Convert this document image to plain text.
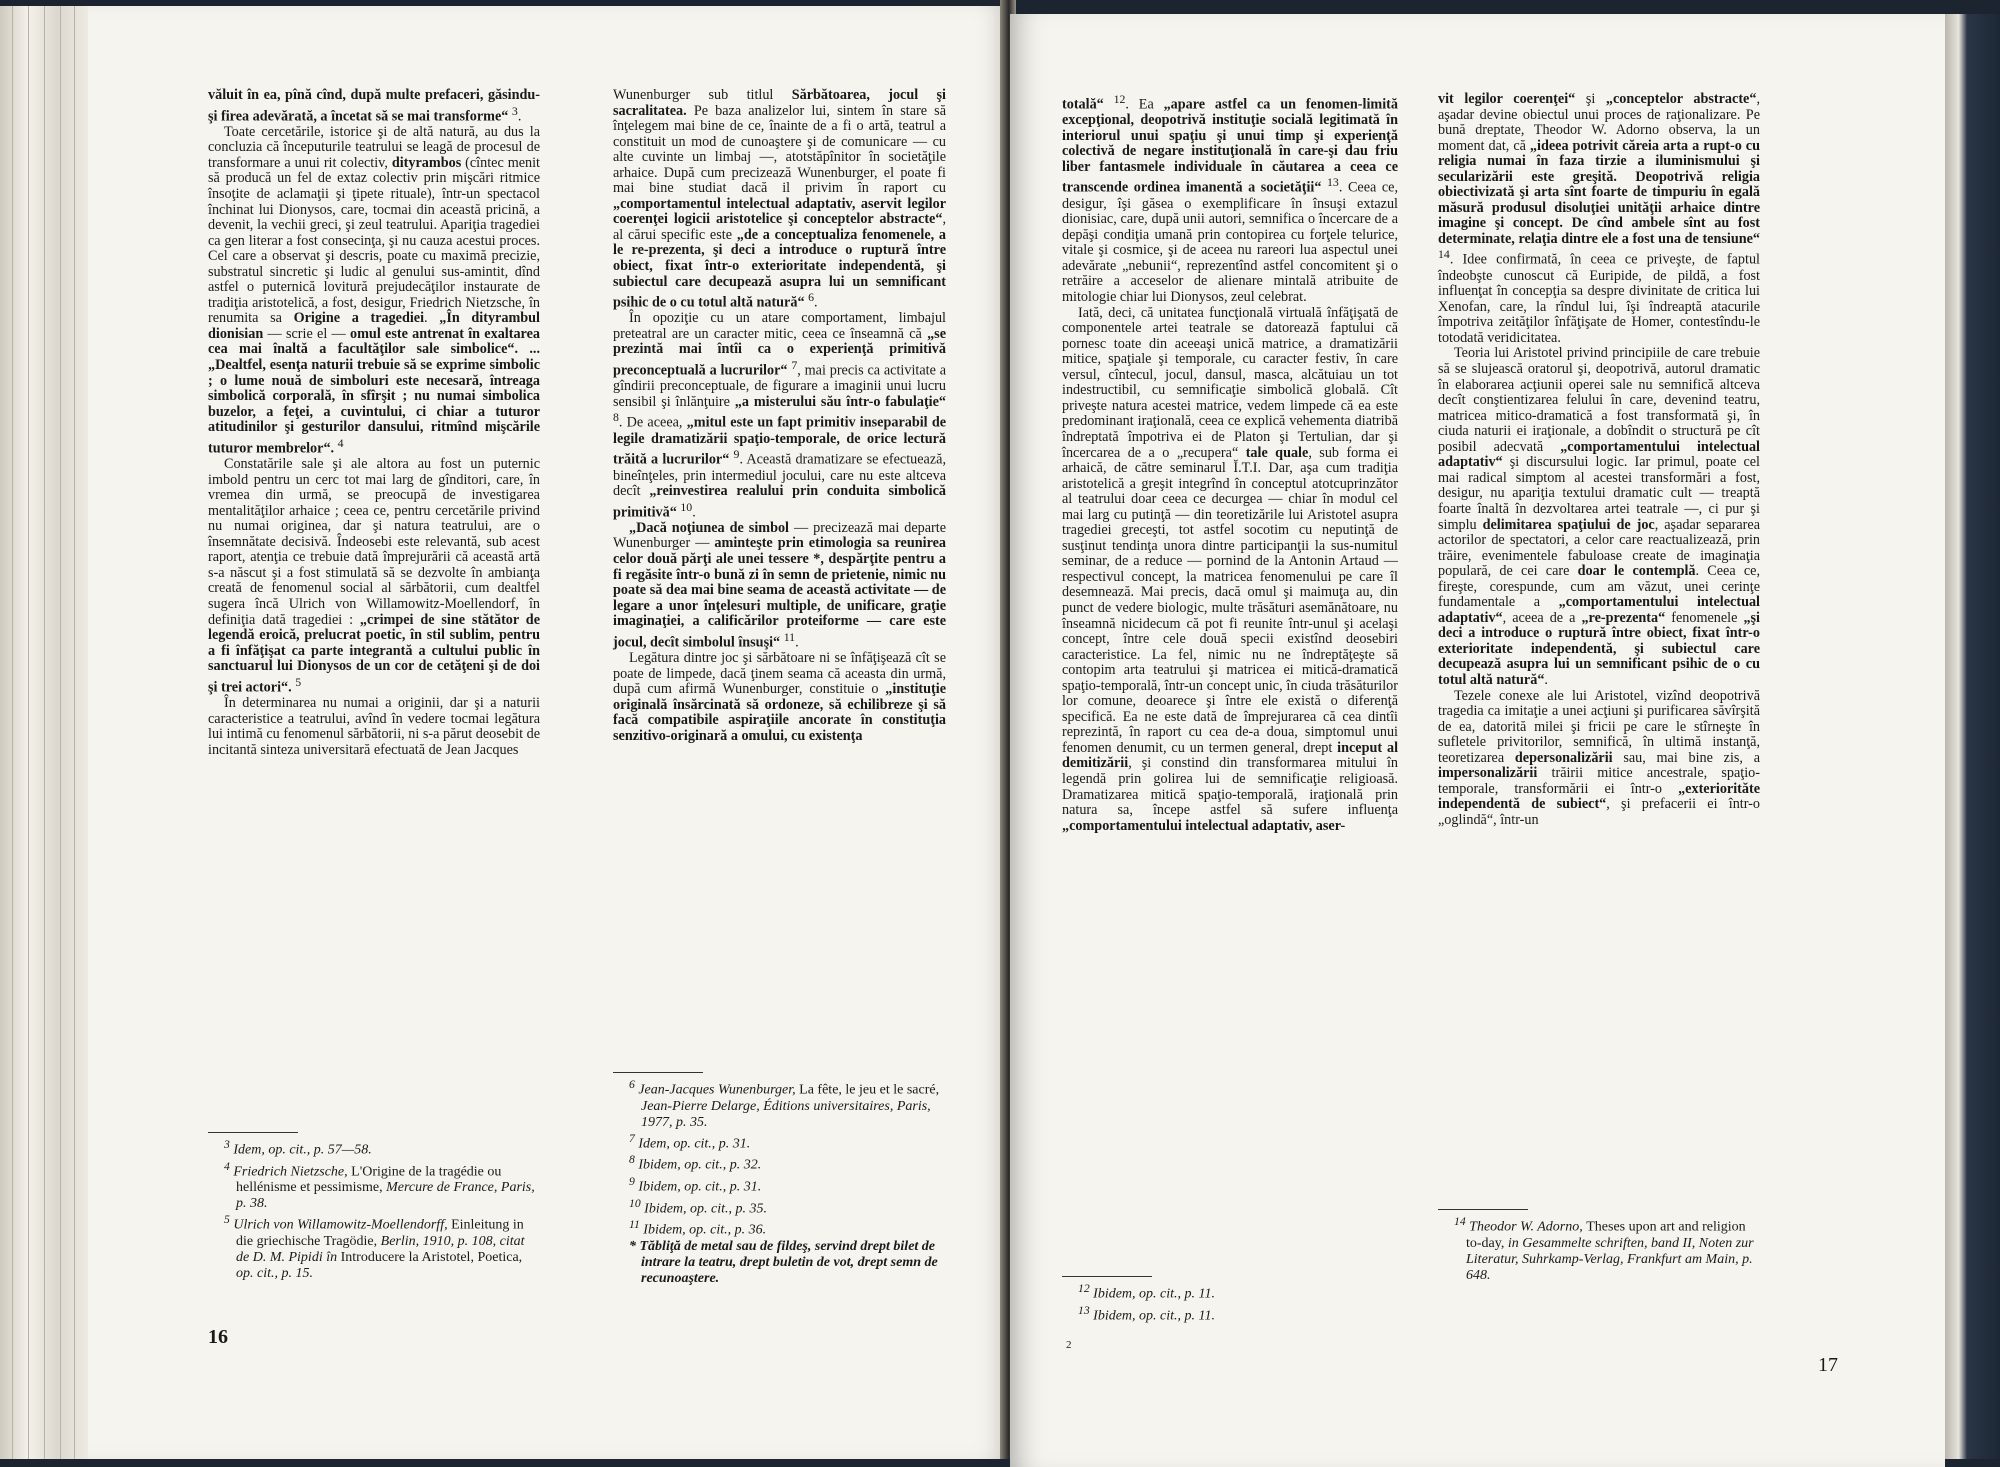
văluit în ea, pînă cînd, după multe prefaceri, găsindu-şi firea adevărată, a încetat să se mai transforme“ $^3$.

Toate cercetările, istorice şi de altă natură, au dus la concluzia că începuturile teatrului se leagă de procesul de transformare a unui rit colectiv, dityrambos (cîntec menit să producă un fel de extaz colectiv prin mişcări ritmice însoţite de aclamaţii şi ţipete rituale), într-un spectacol închinat lui Dionysos, care, tocmai din această pricină, a devenit, la vechii greci, şi zeul teatrului. Apariţia tragediei ca gen literar a fost consecinţa, şi nu cauza acestui proces. Cel care a observat şi descris, poate cu maximă precizie, substratul sincretic şi ludic al genului sus-amintit, dînd astfel o puternică lovitură prejudecăţilor instaurate de tradiţia aristotelică, a fost, desigur, Friedrich Nietzsche, în renumita sa Origine a tragediei. „În dityrambul dionisian — scrie el — omul este antrenat în exaltarea cea mai înaltă a facultăţilor sale simbolice“. ... „Dealtfel, esenţa naturii trebuie să se exprime simbolic ; o lume nouă de simboluri este necesară, întreaga simbolică corporală, în sfîrşit ; nu numai simbolica buzelor, a feţei, a cuvintului, ci chiar a tuturor atitudinilor şi gesturilor dansului, ritmînd mişcările tuturor membrelor“. $^4$

Constatările sale şi ale altora au fost un puternic imbold pentru un cerc tot mai larg de gînditori, care, în vremea din urmă, se preocupă de investigarea mentalităţilor arhaice ; ceea ce, pentru cercetările privind nu numai originea, dar şi natura teatrului, are o însemnătate decisivă. Îndeosebi este relevantă, sub acest raport, atenţia ce trebuie dată împrejurării că această artă s-a născut şi a fost stimulată să se dezvolte în ambianţa creată de fenomenul social al sărbătorii, cum dealtfel sugera încă Ulrich von Willamowitz-Moellendorf, în definiţia dată tragediei : „crimpei de sine stătător de legendă eroică, prelucrat poetic, în stil sublim, pentru a fi înfăţişat ca parte integrantă a cultului public în sanctuarul lui Dionysos de un cor de cetăţeni şi de doi şi trei actori“. $^5$

În determinarea nu numai a originii, dar şi a naturii caracteristice a teatrului, avînd în vedere tocmai legătura lui intimă cu fenomenul sărbătorii, ni s-a părut deosebit de incitantă sinteza universitară efectuată de Jean Jacques

$^3$ Idem, op. cit., p. 57—58.
$^4$ Friedrich Nietzsche, L'Origine de la tragédie ou hellénisme et pessimisme, Mercure de France, Paris, p. 38.
$^5$ Ulrich von Willamowitz-Moellendorff, Einleitung in die griechische Tragödie, Berlin, 1910, p. 108, citat de D. M. Pipidi în Introducere la Aristotel, Poetica, op. cit., p. 15.

Wunenburger sub titlul Sărbătoarea, jocul şi sacralitatea. Pe baza analizelor lui, sintem în stare să înţelegem mai bine de ce, înainte de a fi o artă, teatrul a constituit un mod de cunoaştere şi de comunicare — cu alte cuvinte un limbaj —, atotstăpînitor în societăţile arhaice. După cum precizează Wunenburger, el poate fi mai bine studiat dacă il privim în raport cu „comportamentul intelectual adaptativ, aservit legilor coerenţei logicii aristotelice şi conceptelor abstracte“, al cărui specific este „de a conceptualiza fenomenele, a le re-prezenta, şi deci a introduce o ruptură între obiect, fixat într-o exterioritate independentă, şi subiectul care decupează asupra lui un semnificant psihic de o cu totul altă natură“ $^6$.

În opoziţie cu un atare comportament, limbajul preteatral are un caracter mitic, ceea ce înseamnă că „se prezintă mai întîi ca o experienţă primitivă preconceptuală a lucrurilor“ $^7$, mai precis ca activitate a gîndirii preconceptuale, de figurare a imaginii unui lucru sensibil şi înlănţuire „a misterului său într-o fabulaţie“ $^8$. De aceea, „mitul este un fapt primitiv inseparabil de legile dramatizării spaţio-temporale, de orice lectură trăită a lucrurilor“ $^9$. Această dramatizare se efectuează, bineînţeles, prin intermediul jocului, care nu este altceva decît „reinvestirea realului prin conduita simbolică primitivă“ $^{10}$.

„Dacă noţiunea de simbol — precizează mai departe Wunenburger — aminteşte prin etimologia sa reunirea celor două părţi ale unei tessere *, despărţite pentru a fi regăsite într-o bună zi în semn de prietenie, nimic nu poate să dea mai bine seama de această activitate — de legare a unor înţelesuri multiple, de unificare, graţie imaginaţiei, a calificărilor proteiforme — care este jocul, decît simbolul însuşi“ $^{11}$.

Legătura dintre joc şi sărbătoare ni se înfăţişează cît se poate de limpede, dacă ţinem seama că aceasta din urmă, după cum afirmă Wunenburger, constituie o „instituţie originală însărcinată să ordoneze, să echilibreze şi să facă compatibile aspiraţiile ancorate în constituţia senzitivo-originară a omului, cu existenţa

$^6$ Jean-Jacques Wunenburger, La fête, le jeu et le sacré, Jean-Pierre Delarge, Éditions universitaires, Paris, 1977, p. 35.
$^7$ Idem, op. cit., p. 31.
$^8$ Ibidem, op. cit., p. 32.
$^9$ Ibidem, op. cit., p. 31.
$^{10}$ Ibidem, op. cit., p. 35.
$^{11}$ Ibidem, op. cit., p. 36.
* Tăbliţă de metal sau de fildeş, servind drept bilet de intrare la teatru, drept buletin de vot, drept semn de recunoaştere.
16

totală“ $^{12}$. Ea „apare astfel ca un fenomen-limită excepţional, deopotrivă instituţie socială legitimată în interiorul unui spaţiu şi unui timp şi experienţă colectivă de negare instituţională în care-şi dau friu liber fantasmele individuale în căutarea a ceea ce transcende ordinea imanentă a societăţii“ $^{13}$. Ceea ce, desigur, îşi găsea o exemplificare în însuşi extazul dionisiac, care, după unii autori, semnifica o încercare de a depăşi condiţia umană prin contopirea cu forţele telurice, vitale şi cosmice, şi de aceea nu rareori lua aspectul unei adevărate „nebunii“, reprezentînd astfel concomitent şi o retrăire a acceselor de alienare mintală atribuite de mitologie chiar lui Dionysos, zeul celebrat.

Iată, deci, că unitatea funcţională virtuală înfăţişată de componentele artei teatrale se datorează faptului că pornesc toate din aceeaşi unică matrice, a dramatizării mitice, spaţiale şi temporale, cu caracter festiv, în care versul, cîntecul, jocul, dansul, masca, alcătuiau un tot indestructibil, cu semnificaţie simbolică globală. Cît priveşte natura acestei matrice, vedem limpede că ea este predominant iraţională, ceea ce explică vehementa diatribă îndreptată împotriva ei de Platon şi Tertulian, dar şi încercarea de a o „recupera“ tale quale, sub forma ei arhaică, de către seminarul Ĭ.T.I. Dar, aşa cum tradiţia aristotelică a greşit integrînd în conceptul atotcuprinzător al teatrului doar ceea ce decurgea — chiar în modul cel mai larg cu putinţă — din teoretizările lui Aristotel asupra tragediei greceşti, tot astfel socotim cu neputinţă de susţinut tendinţa unora dintre participanţii la sus-numitul seminar, de a reduce — pornind de la Antonin Artaud — respectivul concept, la matricea fenomenului pe care îl desemnează. Mai precis, dacă omul şi maimuţa au, din punct de vedere biologic, multe trăsături asemănătoare, nu înseamnă nicidecum că pot fi reunite într-unul şi acelaşi concept, între cele două specii existînd deosebiri caracteristice. La fel, nimic nu ne îndreptăţeşte să contopim arta teatrului şi matricea ei mitică-dramatică spaţio-temporală, într-un concept unic, în ciuda trăsăturilor lor comune, deoarece şi între ele există o diferenţă specifică. Ea ne este dată de împrejurarea că cea dintîi reprezintă, în raport cu cea de-a doua, simptomul unui fenomen denumit, cu un termen general, drept inceput al demitizării, şi constind din transformarea mitului în legendă prin golirea lui de semnificaţie religioasă. Dramatizarea mitică spaţio-temporală, iraţională prin natura sa, începe astfel să sufere influenţa „comportamentului intelectual adaptativ, aser-

$^{12}$ Ibidem, op. cit., p. 11.
$^{13}$ Ibidem, op. cit., p. 11.

vit legilor coerenţei“ şi „conceptelor abstracte“, aşadar devine obiectul unui proces de raţionalizare. Pe bună dreptate, Theodor W. Adorno observa, la un moment dat, că „ideea potrivit căreia arta a rupt-o cu religia numai în faza tirzie a iluminismului şi secularizării este greşită. Deopotrivă religia obiectivizată şi arta sînt foarte de timpuriu în egală măsură produsul disoluţiei unităţii arhaice dintre imagine şi concept. De cînd ambele sînt au fost determinate, relaţia dintre ele a fost una de tensiune“ $^{14}$. Idee confirmată, în ceea ce priveşte, de faptul îndeobşte cunoscut că Euripide, de pildă, a fost influenţat în concepţia sa despre divinitate de critica lui Xenofan, care, la rîndul lui, îşi îndreaptă atacurile împotriva zeităţilor înfăţişate de Homer, contestîndu-le totodată veridicitatea.

Teoria lui Aristotel privind principiile de care trebuie să se slujească oratorul şi, deopotrivă, autorul dramatic în elaborarea acţiunii operei sale nu semnifică altceva decît conştientizarea felului în care, devenind teatru, matricea mitico-dramatică a fost transformată şi, în ciuda naturii ei iraţionale, a dobîndit o structură pe cît posibil adecvată „comportamentului intelectual adaptativ“ şi discursului logic. Iar primul, poate cel mai radical simptom al acestei transformări a fost, desigur, nu apariţia textului dramatic cult — treaptă foarte înaltă în dezvoltarea artei teatrale —, ci pur şi simplu delimitarea spaţiului de joc, aşadar separarea actorilor de spectatori, a celor care reactualizează, prin trăire, evenimentele fabuloase create de imaginaţia populară, de cei care doar le contemplă. Ceea ce, fireşte, corespunde, cum am văzut, unei cerinţe fundamentale a „comportamentului intelectual adaptativ“, aceea de a „re-prezenta“ fenomenele „şi deci a introduce o ruptură între obiect, fixat într-o exterioritate independentă, şi subiectul care decupează asupra lui un semnificant psihic de o cu totul altă natură“.

Tezele conexe ale lui Aristotel, vizînd deopotrivă tragedia ca imitaţie a unei acţiuni şi purificarea săvîrşită de ea, datorită milei şi fricii pe care le stîrneşte în sufletele privitorilor, semnifică, în ultimă instanţă, teoretizarea depersonalizării sau, mai bine zis, a impersonalizării trăirii mitice ancestrale, spaţio-temporale, transformării ei într-o „exteriorităte independentă de subiect“, şi prefacerii ei într-o „oglindă“, într-un

$^{14}$ Theodor W. Adorno, Theses upon art and religion to-day, in Gesammelte schriften, band II, Noten zur Literatur, Suhrkamp-Verlag, Frankfurt am Main, p. 648.
2
17
